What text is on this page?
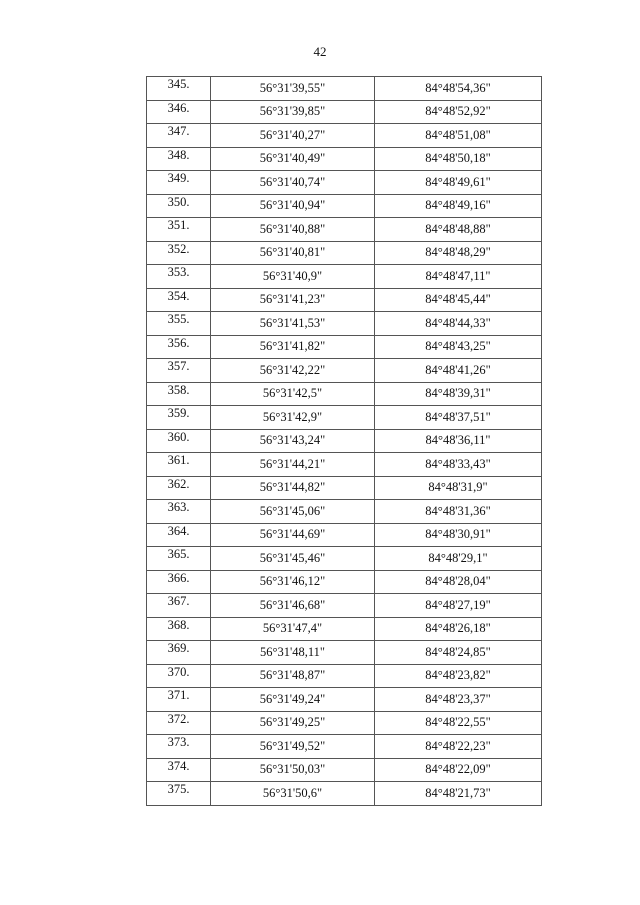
42
345.	56°31'39,55"	84°48'54,36"
346.	56°31'39,85"	84°48'52,92"
347.	56°31'40,27"	84°48'51,08"
348.	56°31'40,49"	84°48'50,18"
349.	56°31'40,74"	84°48'49,61"
350.	56°31'40,94"	84°48'49,16"
351.	56°31'40,88"	84°48'48,88"
352.	56°31'40,81"	84°48'48,29"
353.	56°31'40,9"	84°48'47,11"
354.	56°31'41,23"	84°48'45,44"
355.	56°31'41,53"	84°48'44,33"
356.	56°31'41,82"	84°48'43,25"
357.	56°31'42,22"	84°48'41,26"
358.	56°31'42,5"	84°48'39,31"
359.	56°31'42,9"	84°48'37,51"
360.	56°31'43,24"	84°48'36,11"
361.	56°31'44,21"	84°48'33,43"
362.	56°31'44,82"	84°48'31,9"
363.	56°31'45,06"	84°48'31,36"
364.	56°31'44,69"	84°48'30,91"
365.	56°31'45,46"	84°48'29,1"
366.	56°31'46,12"	84°48'28,04"
367.	56°31'46,68"	84°48'27,19"
368.	56°31'47,4"	84°48'26,18"
369.	56°31'48,11"	84°48'24,85"
370.	56°31'48,87"	84°48'23,82"
371.	56°31'49,24"	84°48'23,37"
372.	56°31'49,25"	84°48'22,55"
373.	56°31'49,52"	84°48'22,23"
374.	56°31'50,03"	84°48'22,09"
375.	56°31'50,6"	84°48'21,73"
